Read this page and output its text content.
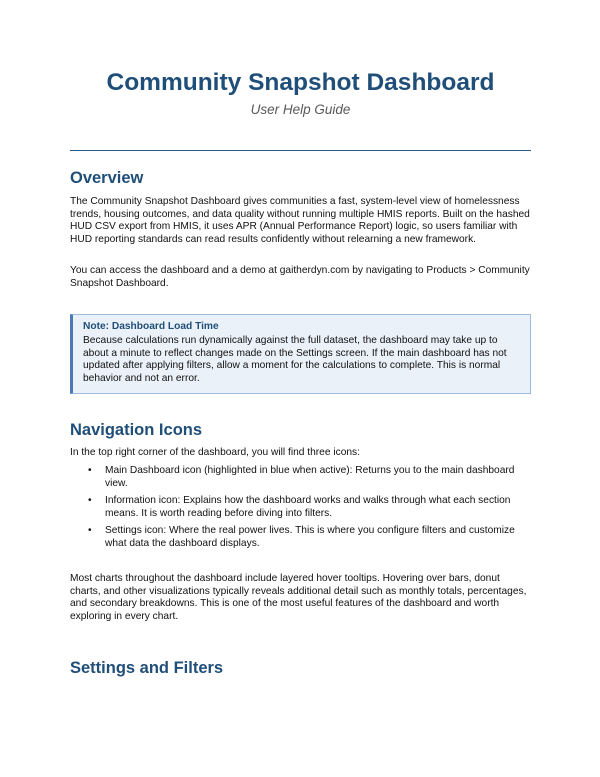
Community Snapshot Dashboard
User Help Guide
Overview

The Community Snapshot Dashboard gives communities a fast, system-level view of homelessness trends, housing outcomes, and data quality without running multiple HMIS reports. Built on the hashed HUD CSV export from HMIS, it uses APR (Annual Performance Report) logic, so users familiar with HUD reporting standards can read results confidently without relearning a new framework.

You can access the dashboard and a demo at gaitherdyn.com by navigating to Products > Community Snapshot Dashboard.

Note: Dashboard Load Time
Because calculations run dynamically against the full dataset, the dashboard may take up to about a minute to reflect changes made on the Settings screen. If the main dashboard has not updated after applying filters, allow a moment for the calculations to complete. This is normal behavior and not an error.
Navigation Icons

In the top right corner of the dashboard, you will find three icons:

• Main Dashboard icon (highlighted in blue when active): Returns you to the main dashboard view.
• Information icon: Explains how the dashboard works and walks through what each section means. It is worth reading before diving into filters.
• Settings icon: Where the real power lives. This is where you configure filters and customize what data the dashboard displays.

Most charts throughout the dashboard include layered hover tooltips. Hovering over bars, donut charts, and other visualizations typically reveals additional detail such as monthly totals, percentages, and secondary breakdowns. This is one of the most useful features of the dashboard and worth exploring in every chart.

Settings and Filters
